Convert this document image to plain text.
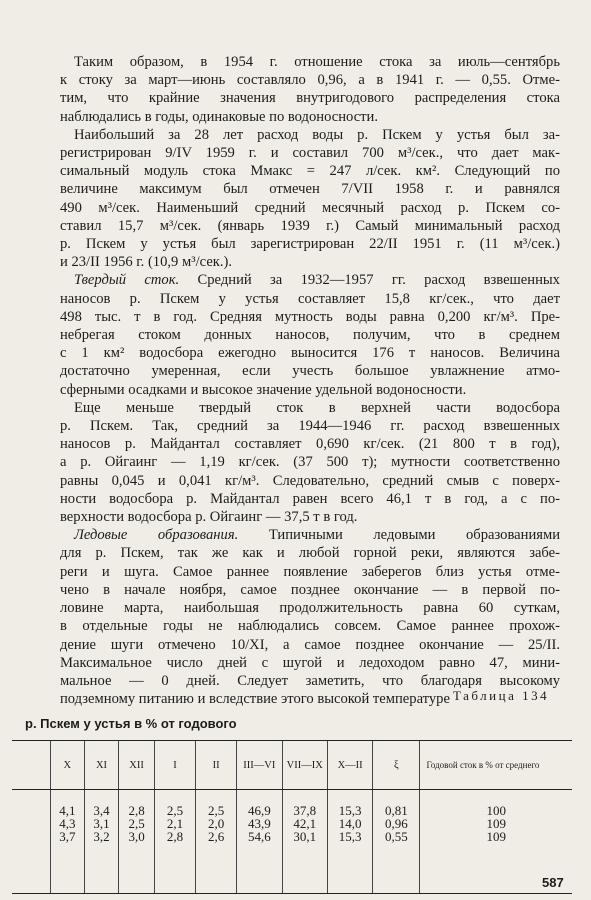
Таким образом, в 1954 г. отношение стока за июль—сентябрь
к стоку за март—июнь составляло 0,96, а в 1941 г. — 0,55. Отме-
тим, что крайние значения внутригодового распределения стока
наблюдались в годы, одинаковые по водоносности.
Наибольший за 28 лет расход воды р. Пскем у устья был за-
регистрирован 9/IV 1959 г. и составил 700 м³/сек., что дает мак-
симальный модуль стока Mмакс = 247 л/сек. км². Следующий по
величине максимум был отмечен 7/VII 1958 г. и равнялся
490 м³/сек. Наименьший средний месячный расход р. Пскем со-
ставил 15,7 м³/сек. (январь 1939 г.) Самый минимальный расход
р. Пскем у устья был зарегистрирован 22/II 1951 г. (11 м³/сек.)
и 23/II 1956 г. (10,9 м³/сек.).
Твердый сток. Средний за 1932—1957 гг. расход взвешенных
наносов р. Пскем у устья составляет 15,8 кг/сек., что дает
498 тыс. т в год. Средняя мутность воды равна 0,200 кг/м³. Пре-
небрегая стоком донных наносов, получим, что в среднем
с 1 км² водосбора ежегодно выносится 176 т наносов. Величина
достаточно умеренная, если учесть большое увлажнение атмо-
сферными осадками и высокое значение удельной водоносности.
Еще меньше твердый сток в верхней части водосбора
р. Пскем. Так, средний за 1944—1946 гг. расход взвешенных
наносов р. Майдантал составляет 0,690 кг/сек. (21 800 т в год),
а р. Ойгаинг — 1,19 кг/сек. (37 500 т); мутности соответственно
равны 0,045 и 0,041 кг/м³. Следовательно, средний смыв с поверх-
ности водосбора р. Майдантал равен всего 46,1 т в год, а с по-
верхности водосбора р. Ойгаинг — 37,5 т в год.
Ледовые образования. Типичными ледовыми образованиями
для р. Пскем, так же как и любой горной реки, являются забе-
реги и шуга. Самое раннее появление заберегов близ устья отме-
чено в начале ноября, самое позднее окончание — в первой по-
ловине марта, наибольшая продолжительность равна 60 суткам,
в отдельные годы не наблюдались совсем. Самое раннее прохож-
дение шуги отмечено 10/XI, а самое позднее окончание — 25/II.
Максимальное число дней с шугой и ледоходом равно 47, мини-
мальное — 0 дней. Следует заметить, что благодаря высокому
подземному питанию и вследствие этого высокой температуре Таблица 134
р. Пскем у устья в % от годового
	X	XI	XII	I	II	III—VI	VII—IX	X—II	ξ	Годовой сток в % от среднего
	4,1	3,4	2,8	2,5	2,5	46,9	37,8	15,3	0,81	100
	4,3	3,1	2,5	2,1	2,0	43,9	42,1	14,0	0,96	109
	3,7	3,2	3,0	2,8	2,6	54,6	30,1	15,3	0,55	109
587
